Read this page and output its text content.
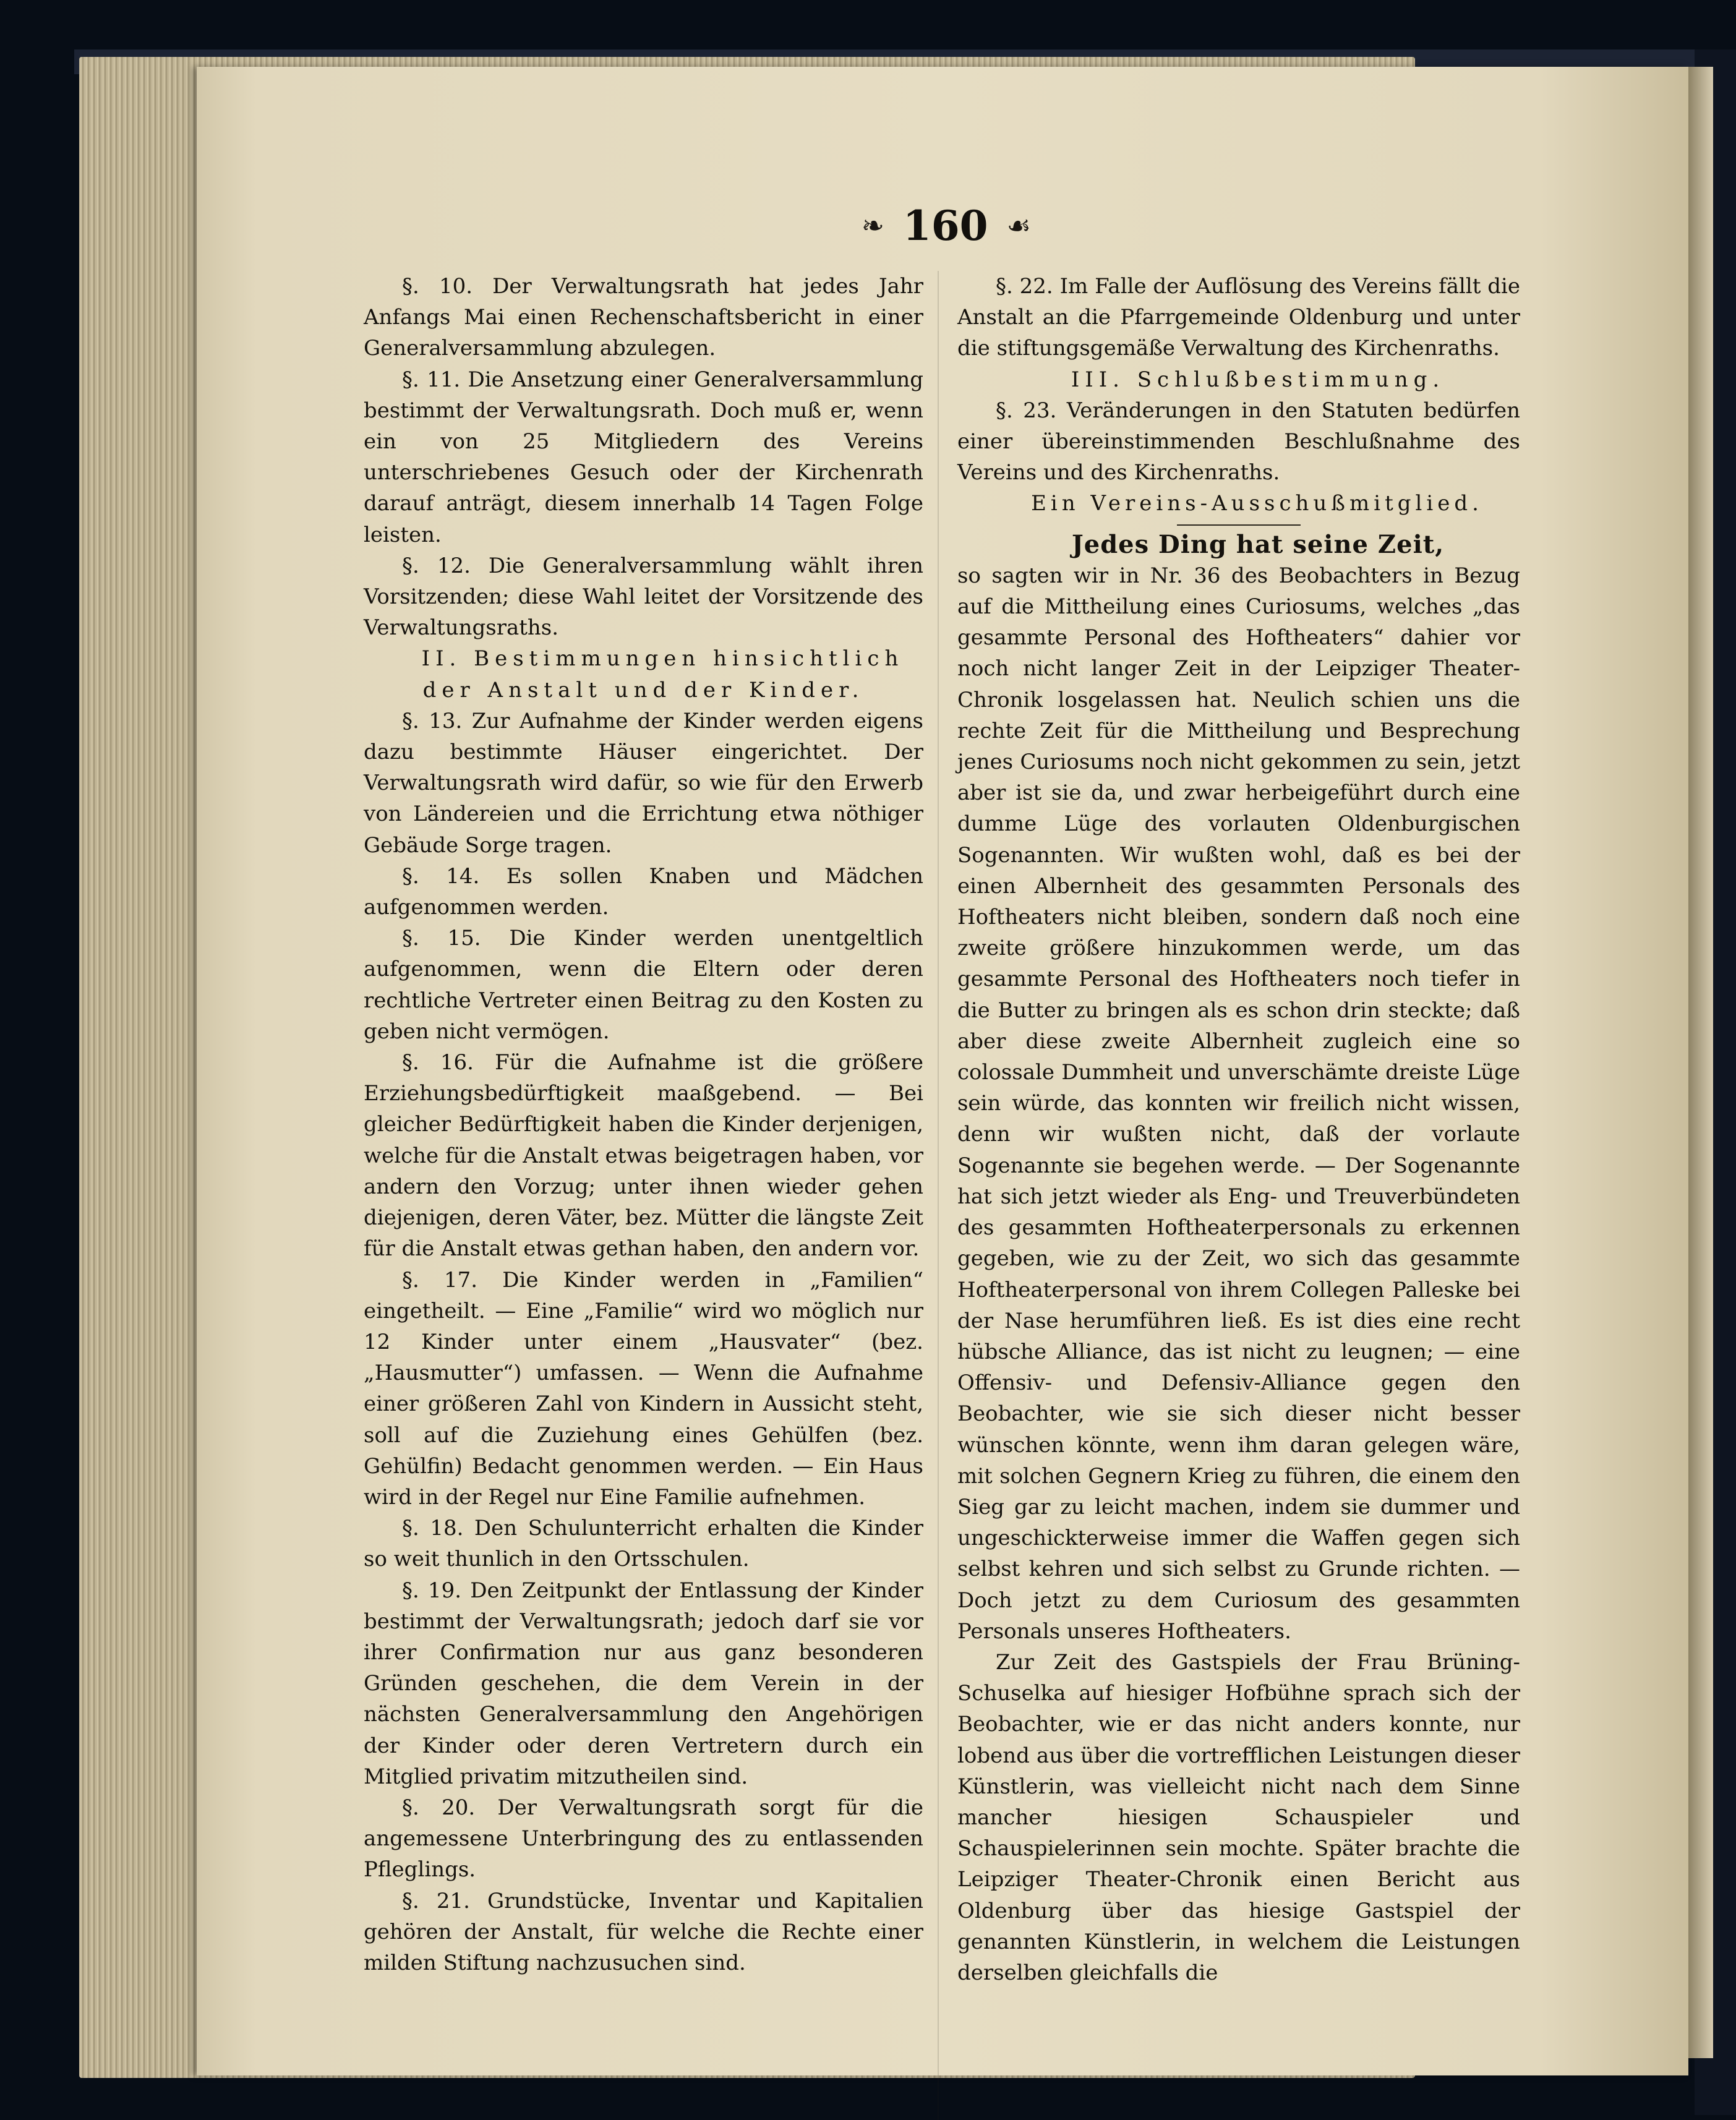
❧ 160 ☙

§. 10. Der Verwaltungsrath hat jedes Jahr Anfangs Mai einen Rechenschaftsbericht in einer Generalversammlung abzulegen.

§. 11. Die Ansetzung einer Generalversammlung bestimmt der Verwaltungsrath. Doch muß er, wenn ein von 25 Mitgliedern des Vereins unterschriebenes Gesuch oder der Kirchenrath darauf anträgt, diesem innerhalb 14 Tagen Folge leisten.

§. 12. Die Generalversammlung wählt ihren Vorsitzenden; diese Wahl leitet der Vorsitzende des Verwaltungsraths.

II. Bestimmungen hinsichtlich der Anstalt und der Kinder.

§. 13. Zur Aufnahme der Kinder werden eigens dazu bestimmte Häuser eingerichtet. Der Verwaltungsrath wird dafür, so wie für den Erwerb von Ländereien und die Errichtung etwa nöthiger Gebäude Sorge tragen.

§. 14. Es sollen Knaben und Mädchen aufgenommen werden.

§. 15. Die Kinder werden unentgeltlich aufgenommen, wenn die Eltern oder deren rechtliche Vertreter einen Beitrag zu den Kosten zu geben nicht vermögen.

§. 16. Für die Aufnahme ist die größere Erziehungsbedürftigkeit maaßgebend. — Bei gleicher Bedürftigkeit haben die Kinder derjenigen, welche für die Anstalt etwas beigetragen haben, vor andern den Vorzug; unter ihnen wieder gehen diejenigen, deren Väter, bez. Mütter die längste Zeit für die Anstalt etwas gethan haben, den andern vor.

§. 17. Die Kinder werden in „Familien“ eingetheilt. — Eine „Familie“ wird wo möglich nur 12 Kinder unter einem „Hausvater“ (bez. „Hausmutter“) umfassen. — Wenn die Aufnahme einer größeren Zahl von Kindern in Aussicht steht, soll auf die Zuziehung eines Gehülfen (bez. Gehülfin) Bedacht genommen werden. — Ein Haus wird in der Regel nur Eine Familie aufnehmen.

§. 18. Den Schulunterricht erhalten die Kinder so weit thunlich in den Ortsschulen.

§. 19. Den Zeitpunkt der Entlassung der Kinder bestimmt der Verwaltungsrath; jedoch darf sie vor ihrer Confirmation nur aus ganz besonderen Gründen geschehen, die dem Verein in der nächsten Generalversammlung den Angehörigen der Kinder oder deren Vertretern durch ein Mitglied privatim mitzutheilen sind.

§. 20. Der Verwaltungsrath sorgt für die angemessene Unterbringung des zu entlassenden Pfleglings.

§. 21. Grundstücke, Inventar und Kapitalien gehören der Anstalt, für welche die Rechte einer milden Stiftung nachzusuchen sind.

§. 22. Im Falle der Auflösung des Vereins fällt die Anstalt an die Pfarrgemeinde Oldenburg und unter die stiftungsgemäße Verwaltung des Kirchenraths.

III. Schlußbestimmung.

§. 23. Veränderungen in den Statuten bedürfen einer übereinstimmenden Beschlußnahme des Vereins und des Kirchenraths.

Ein Vereins-Ausschußmitglied.

Jedes Ding hat seine Zeit,

so sagten wir in Nr. 36 des Beobachters in Bezug auf die Mittheilung eines Curiosums, welches „das gesammte Personal des Hoftheaters“ dahier vor noch nicht langer Zeit in der Leipziger Theater-Chronik losgelassen hat. Neulich schien uns die rechte Zeit für die Mittheilung und Besprechung jenes Curiosums noch nicht gekommen zu sein, jetzt aber ist sie da, und zwar herbeigeführt durch eine dumme Lüge des vorlauten Oldenburgischen Sogenannten. Wir wußten wohl, daß es bei der einen Albernheit des gesammten Personals des Hoftheaters nicht bleiben, sondern daß noch eine zweite größere hinzukommen werde, um das gesammte Personal des Hoftheaters noch tiefer in die Butter zu bringen als es schon drin steckte; daß aber diese zweite Albernheit zugleich eine so colossale Dummheit und unverschämte dreiste Lüge sein würde, das konnten wir freilich nicht wissen, denn wir wußten nicht, daß der vorlaute Sogenannte sie begehen werde. — Der Sogenannte hat sich jetzt wieder als Eng- und Treuverbündeten des gesammten Hoftheaterpersonals zu erkennen gegeben, wie zu der Zeit, wo sich das gesammte Hoftheaterpersonal von ihrem Collegen Palleske bei der Nase herumführen ließ. Es ist dies eine recht hübsche Alliance, das ist nicht zu leugnen; — eine Offensiv- und Defensiv-Alliance gegen den Beobachter, wie sie sich dieser nicht besser wünschen könnte, wenn ihm daran gelegen wäre, mit solchen Gegnern Krieg zu führen, die einem den Sieg gar zu leicht machen, indem sie dummer und ungeschickterweise immer die Waffen gegen sich selbst kehren und sich selbst zu Grunde richten. — Doch jetzt zu dem Curiosum des gesammten Personals unseres Hoftheaters.

Zur Zeit des Gastspiels der Frau Brüning-Schuselka auf hiesiger Hofbühne sprach sich der Beobachter, wie er das nicht anders konnte, nur lobend aus über die vortrefflichen Leistungen dieser Künstlerin, was vielleicht nicht nach dem Sinne mancher hiesigen Schauspieler und Schauspielerinnen sein mochte. Später brachte die Leipziger Theater-Chronik einen Bericht aus Oldenburg über das hiesige Gastspiel der genannten Künstlerin, in welchem die Leistungen derselben gleichfalls die
